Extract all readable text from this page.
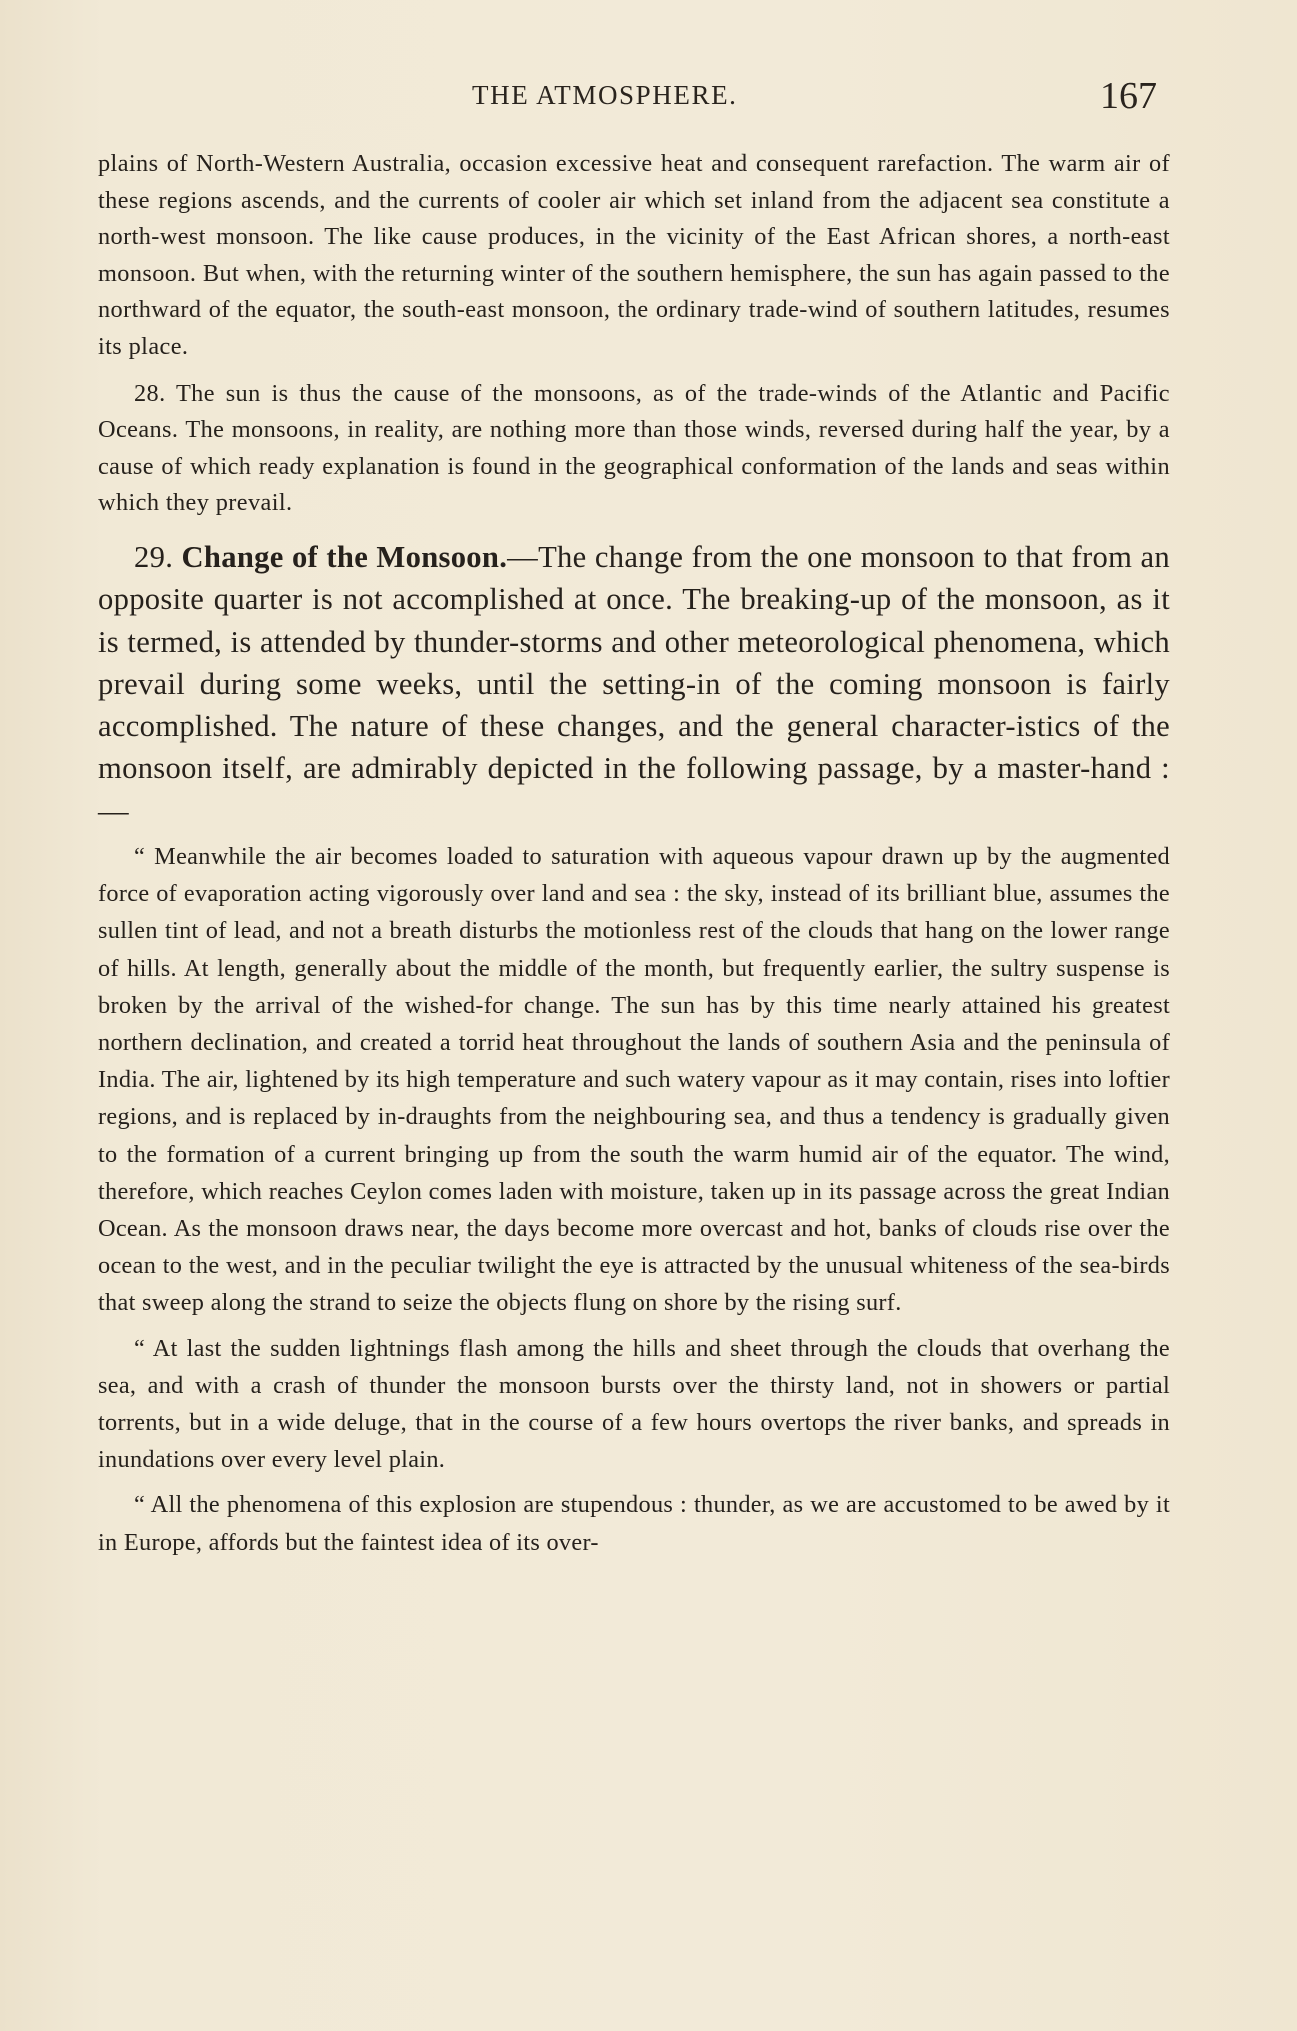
THE ATMOSPHERE.	167

plains of North-Western Australia, occasion excessive heat and consequent rarefaction. The warm air of these regions ascends, and the currents of cooler air which set inland from the adjacent sea constitute a north-west monsoon. The like cause produces, in the vicinity of the East African shores, a north-east monsoon. But when, with the returning winter of the southern hemisphere, the sun has again passed to the northward of the equator, the south-east monsoon, the ordinary trade-wind of southern latitudes, resumes its place.

28. The sun is thus the cause of the monsoons, as of the trade-winds of the Atlantic and Pacific Oceans. The monsoons, in reality, are nothing more than those winds, reversed during half the year, by a cause of which ready explanation is found in the geographical conformation of the lands and seas within which they prevail.

29. Change of the Monsoon.—The change from the one monsoon to that from an opposite quarter is not accomplished at once. The breaking-up of the monsoon, as it is termed, is attended by thunder-storms and other meteorological phenomena, which prevail during some weeks, until the setting-in of the coming monsoon is fairly accomplished. The nature of these changes, and the general character-istics of the monsoon itself, are admirably depicted in the following passage, by a master-hand :—

“ Meanwhile the air becomes loaded to saturation with aqueous vapour drawn up by the augmented force of evaporation acting vigorously over land and sea : the sky, instead of its brilliant blue, assumes the sullen tint of lead, and not a breath disturbs the motionless rest of the clouds that hang on the lower range of hills. At length, generally about the middle of the month, but frequently earlier, the sultry suspense is broken by the arrival of the wished-for change. The sun has by this time nearly attained his greatest northern declination, and created a torrid heat throughout the lands of southern Asia and the peninsula of India. The air, lightened by its high temperature and such watery vapour as it may contain, rises into loftier regions, and is replaced by in-draughts from the neighbouring sea, and thus a tendency is gradually given to the formation of a current bringing up from the south the warm humid air of the equator. The wind, therefore, which reaches Ceylon comes laden with moisture, taken up in its passage across the great Indian Ocean. As the monsoon draws near, the days become more overcast and hot, banks of clouds rise over the ocean to the west, and in the peculiar twilight the eye is attracted by the unusual whiteness of the sea-birds that sweep along the strand to seize the objects flung on shore by the rising surf.

“ At last the sudden lightnings flash among the hills and sheet through the clouds that overhang the sea, and with a crash of thunder the monsoon bursts over the thirsty land, not in showers or partial torrents, but in a wide deluge, that in the course of a few hours overtops the river banks, and spreads in inundations over every level plain.

“ All the phenomena of this explosion are stupendous : thunder, as we are accustomed to be awed by it in Europe, affords but the faintest idea of its over-
